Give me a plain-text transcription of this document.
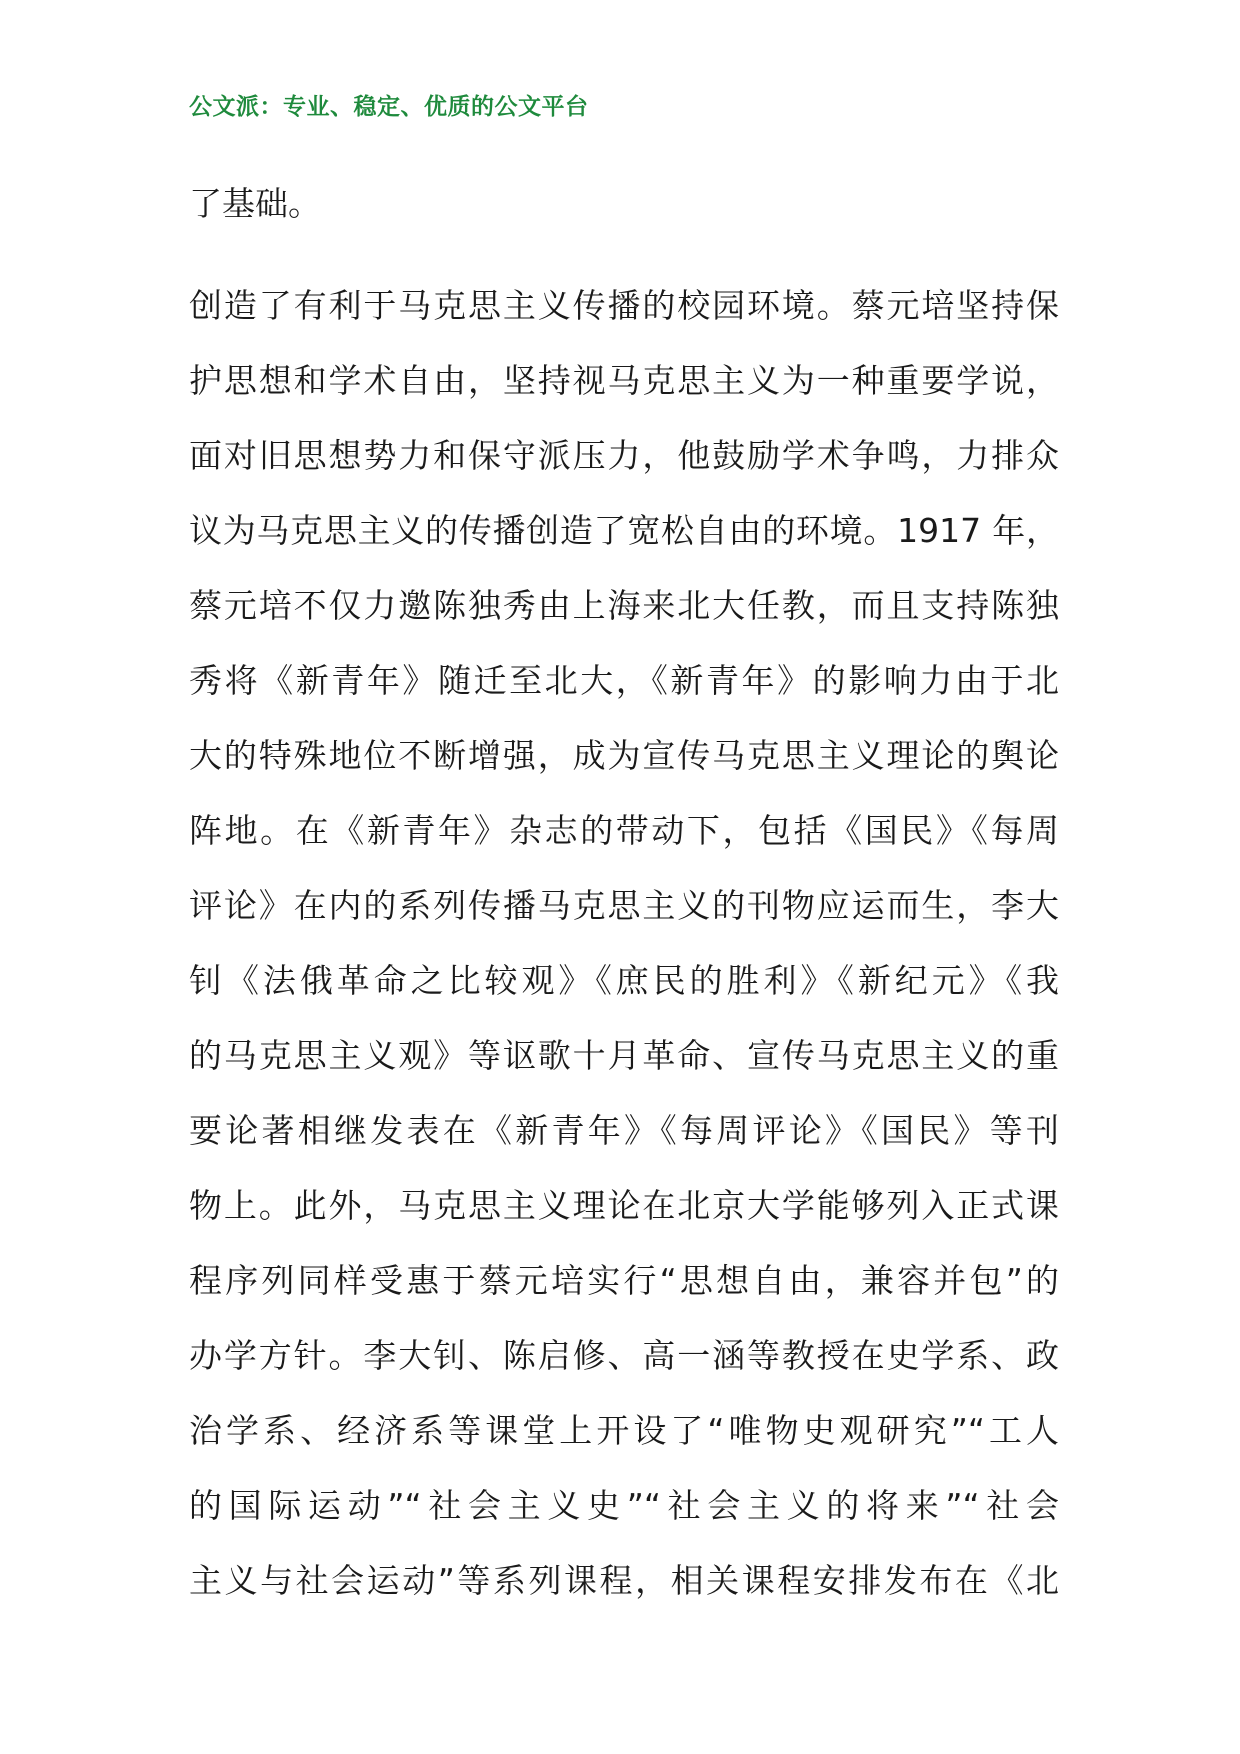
公文派：专业、稳定、优质的公文平台
了基础。
创造了有利于马克思主义传播的校园环境。蔡元培坚持保
护思想和学术自由，坚持视马克思主义为一种重要学说，
面对旧思想势力和保守派压力，他鼓励学术争鸣，力排众
议为马克思主义的传播创造了宽松自由的环境。1917 年，
蔡元培不仅力邀陈独秀由上海来北大任教，而且支持陈独
秀将《新青年》随迁至北大，《新青年》的影响力由于北
大的特殊地位不断增强，成为宣传马克思主义理论的舆论
阵地。在《新青年》杂志的带动下，包括《国民》《每周
评论》在内的系列传播马克思主义的刊物应运而生，李大
钊《法俄革命之比较观》《庶民的胜利》《新纪元》《我
的马克思主义观》等讴歌十月革命、宣传马克思主义的重
要论著相继发表在《新青年》《每周评论》《国民》等刊
物上。此外，马克思主义理论在北京大学能够列入正式课
程序列同样受惠于蔡元培实行“思想自由，兼容并包”的
办学方针。李大钊、陈启修、高一涵等教授在史学系、政
治学系、经济系等课堂上开设了“唯物史观研究”“工人
的国际运动”“社会主义史”“社会主义的将来”“社会
主义与社会运动”等系列课程，相关课程安排发布在《北
